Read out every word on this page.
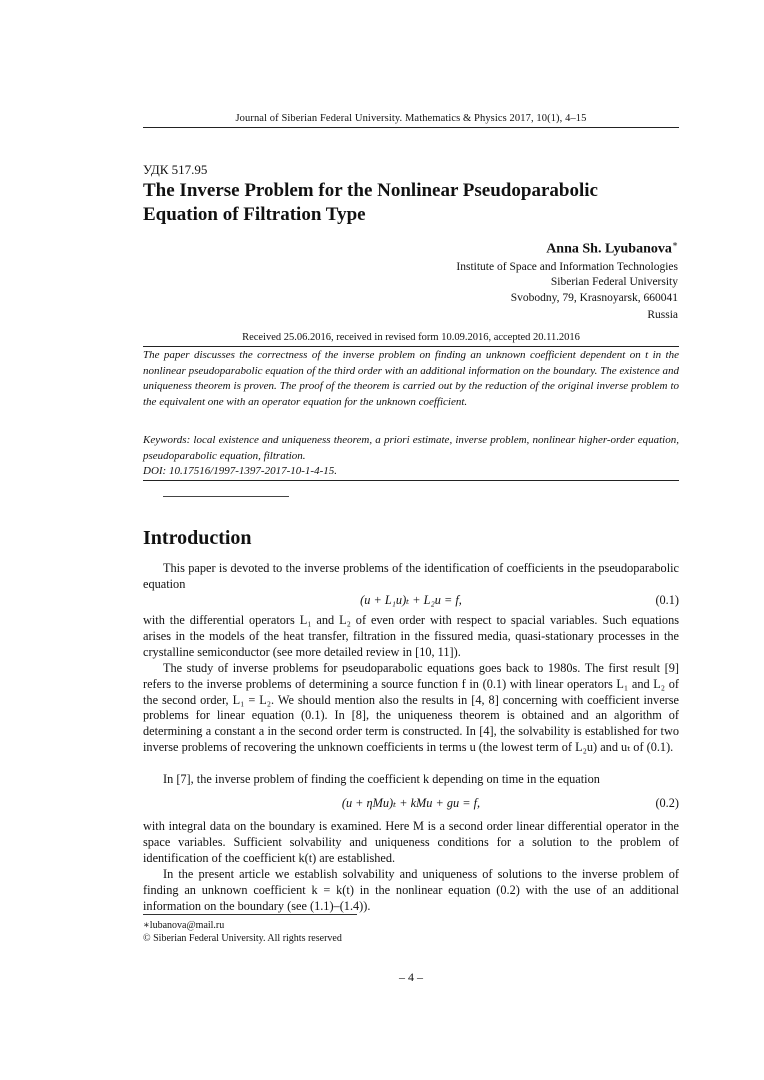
Journal of Siberian Federal University. Mathematics & Physics 2017, 10(1), 4–15
УДК 517.95
The Inverse Problem for the Nonlinear Pseudoparabolic
Equation of Filtration Type
Anna Sh. Lyubanova∗
Institute of Space and Information Technologies
Siberian Federal University
Svobodny, 79, Krasnoyarsk, 660041
Russia
Received 25.06.2016, received in revised form 10.09.2016, accepted 20.11.2016
The paper discusses the correctness of the inverse problem on finding an unknown coefficient dependent on t in the nonlinear pseudoparabolic equation of the third order with an additional information on the boundary. The existence and uniqueness theorem is proven. The proof of the theorem is carried out by the reduction of the original inverse problem to the equivalent one with an operator equation for the unknown coefficient.
Keywords: local existence and uniqueness theorem, a priori estimate, inverse problem, nonlinear higher-order equation, pseudoparabolic equation, filtration.
DOI: 10.17516/1997-1397-2017-10-1-4-15.
Introduction

This paper is devoted to the inverse problems of the identification of coefficients in the pseudoparabolic equation

(u + L₁u)ₜ + L₂u = f,	(0.1)

with the differential operators L₁ and L₂ of even order with respect to spacial variables. Such equations arises in the models of the heat transfer, filtration in the fissured media, quasi-stationary processes in the crystalline semiconductor (see more detailed review in [10, 11]).

The study of inverse problems for pseudoparabolic equations goes back to 1980s. The first result [9] refers to the inverse problems of determining a source function f in (0.1) with linear operators L₁ and L₂ of the second order, L₁ = L₂. We should mention also the results in [4, 8] concerning with coefficient inverse problems for linear equation (0.1). In [8], the uniqueness theorem is obtained and an algorithm of determining a constant a in the second order term is constructed. In [4], the solvability is established for two inverse problems of recovering the unknown coefficients in terms u (the lowest term of L₂u) and uₜ of (0.1).

In [7], the inverse problem of finding the coefficient k depending on time in the equation

(u + ηMu)ₜ + kMu + gu = f,	(0.2)

with integral data on the boundary is examined. Here M is a second order linear differential operator in the space variables. Sufficient solvability and uniqueness conditions for a solution to the problem of identification of the coefficient k(t) are established.

In the present article we establish solvability and uniqueness of solutions to the inverse problem of finding an unknown coefficient k = k(t) in the nonlinear equation (0.2) with the use of an additional information on the boundary (see (1.1)–(1.4)).

∗lubanova@mail.ru
© Siberian Federal University. All rights reserved
– 4 –
